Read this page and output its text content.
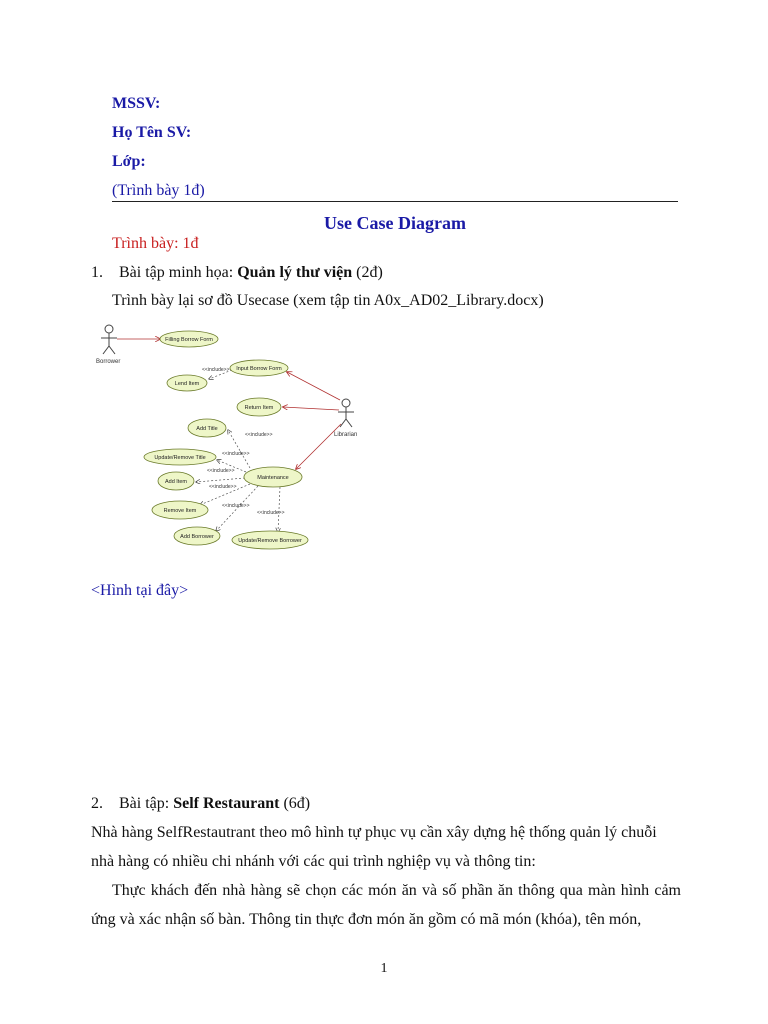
MSSV:
Họ Tên SV:
Lớp:
(Trình bày 1đ)
Use Case Diagram
Trình bày: 1đ
1. Bài tập minh họa: Quản lý thư viện (2đ)
Trình bày lại sơ đồ Usecase (xem tập tin A0x_AD02_Library.docx)
Borrower
Librarian
<<include>>
<<include>>
<<include>>
<<include>>
<<include>>
<<include>>
<<include>>
Filling Borrow Form
Input Borrow Form
Lend Item
Return Item
Add Title
Update/Remove Title
Maintenance
Add Item
Remove Item
Add Borrower
Update/Remove Borrower
<Hình tại đây>
2. Bài tập: Self Restaurant (6đ)
Nhà hàng SelfRestautrant theo mô hình tự phục vụ cần xây dựng hệ thống quản lý chuỗi nhà hàng có nhiều chi nhánh với các qui trình nghiệp vụ và thông tin:
Thực khách đến nhà hàng sẽ chọn các món ăn và số phần ăn thông qua màn hình cảm ứng và xác nhận số bàn. Thông tin thực đơn món ăn gồm có mã món (khóa), tên món,
1
